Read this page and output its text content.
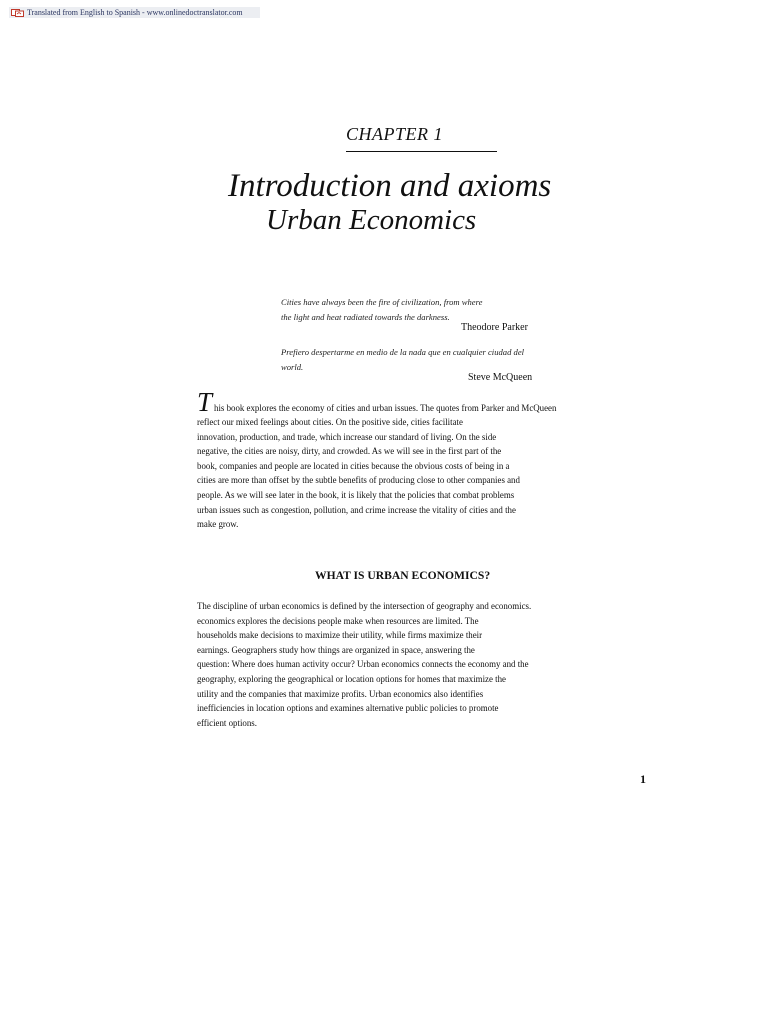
Translated from English to Spanish - www.onlinedoctranslator.com
CHAPTER 1
Introduction and axioms
Urban Economics
Cities have always been the fire of civilization, from where
the light and heat radiated towards the darkness.
Theodore Parker
Prefiero despertarme en medio de la nada que en cualquier ciudad del
world.
Steve McQueen
T his book explores the economy of cities and urban issues. The quotes from Parker and McQueen
reflect our mixed feelings about cities. On the positive side, cities facilitate
innovation, production, and trade, which increase our standard of living. On the side
negative, the cities are noisy, dirty, and crowded. As we will see in the first part of the
book, companies and people are located in cities because the obvious costs of being in a
cities are more than offset by the subtle benefits of producing close to other companies and
people. As we will see later in the book, it is likely that the policies that combat problems
urban issues such as congestion, pollution, and crime increase the vitality of cities and the
make grow.
WHAT IS URBAN ECONOMICS?
The discipline of urban economics is defined by the intersection of geography and economics.
economics explores the decisions people make when resources are limited. The
households make decisions to maximize their utility, while firms maximize their
earnings. Geographers study how things are organized in space, answering the
question: Where does human activity occur? Urban economics connects the economy and the
geography, exploring the geographical or location options for homes that maximize the
utility and the companies that maximize profits. Urban economics also identifies
inefficiencies in location options and examines alternative public policies to promote
efficient options.
1
